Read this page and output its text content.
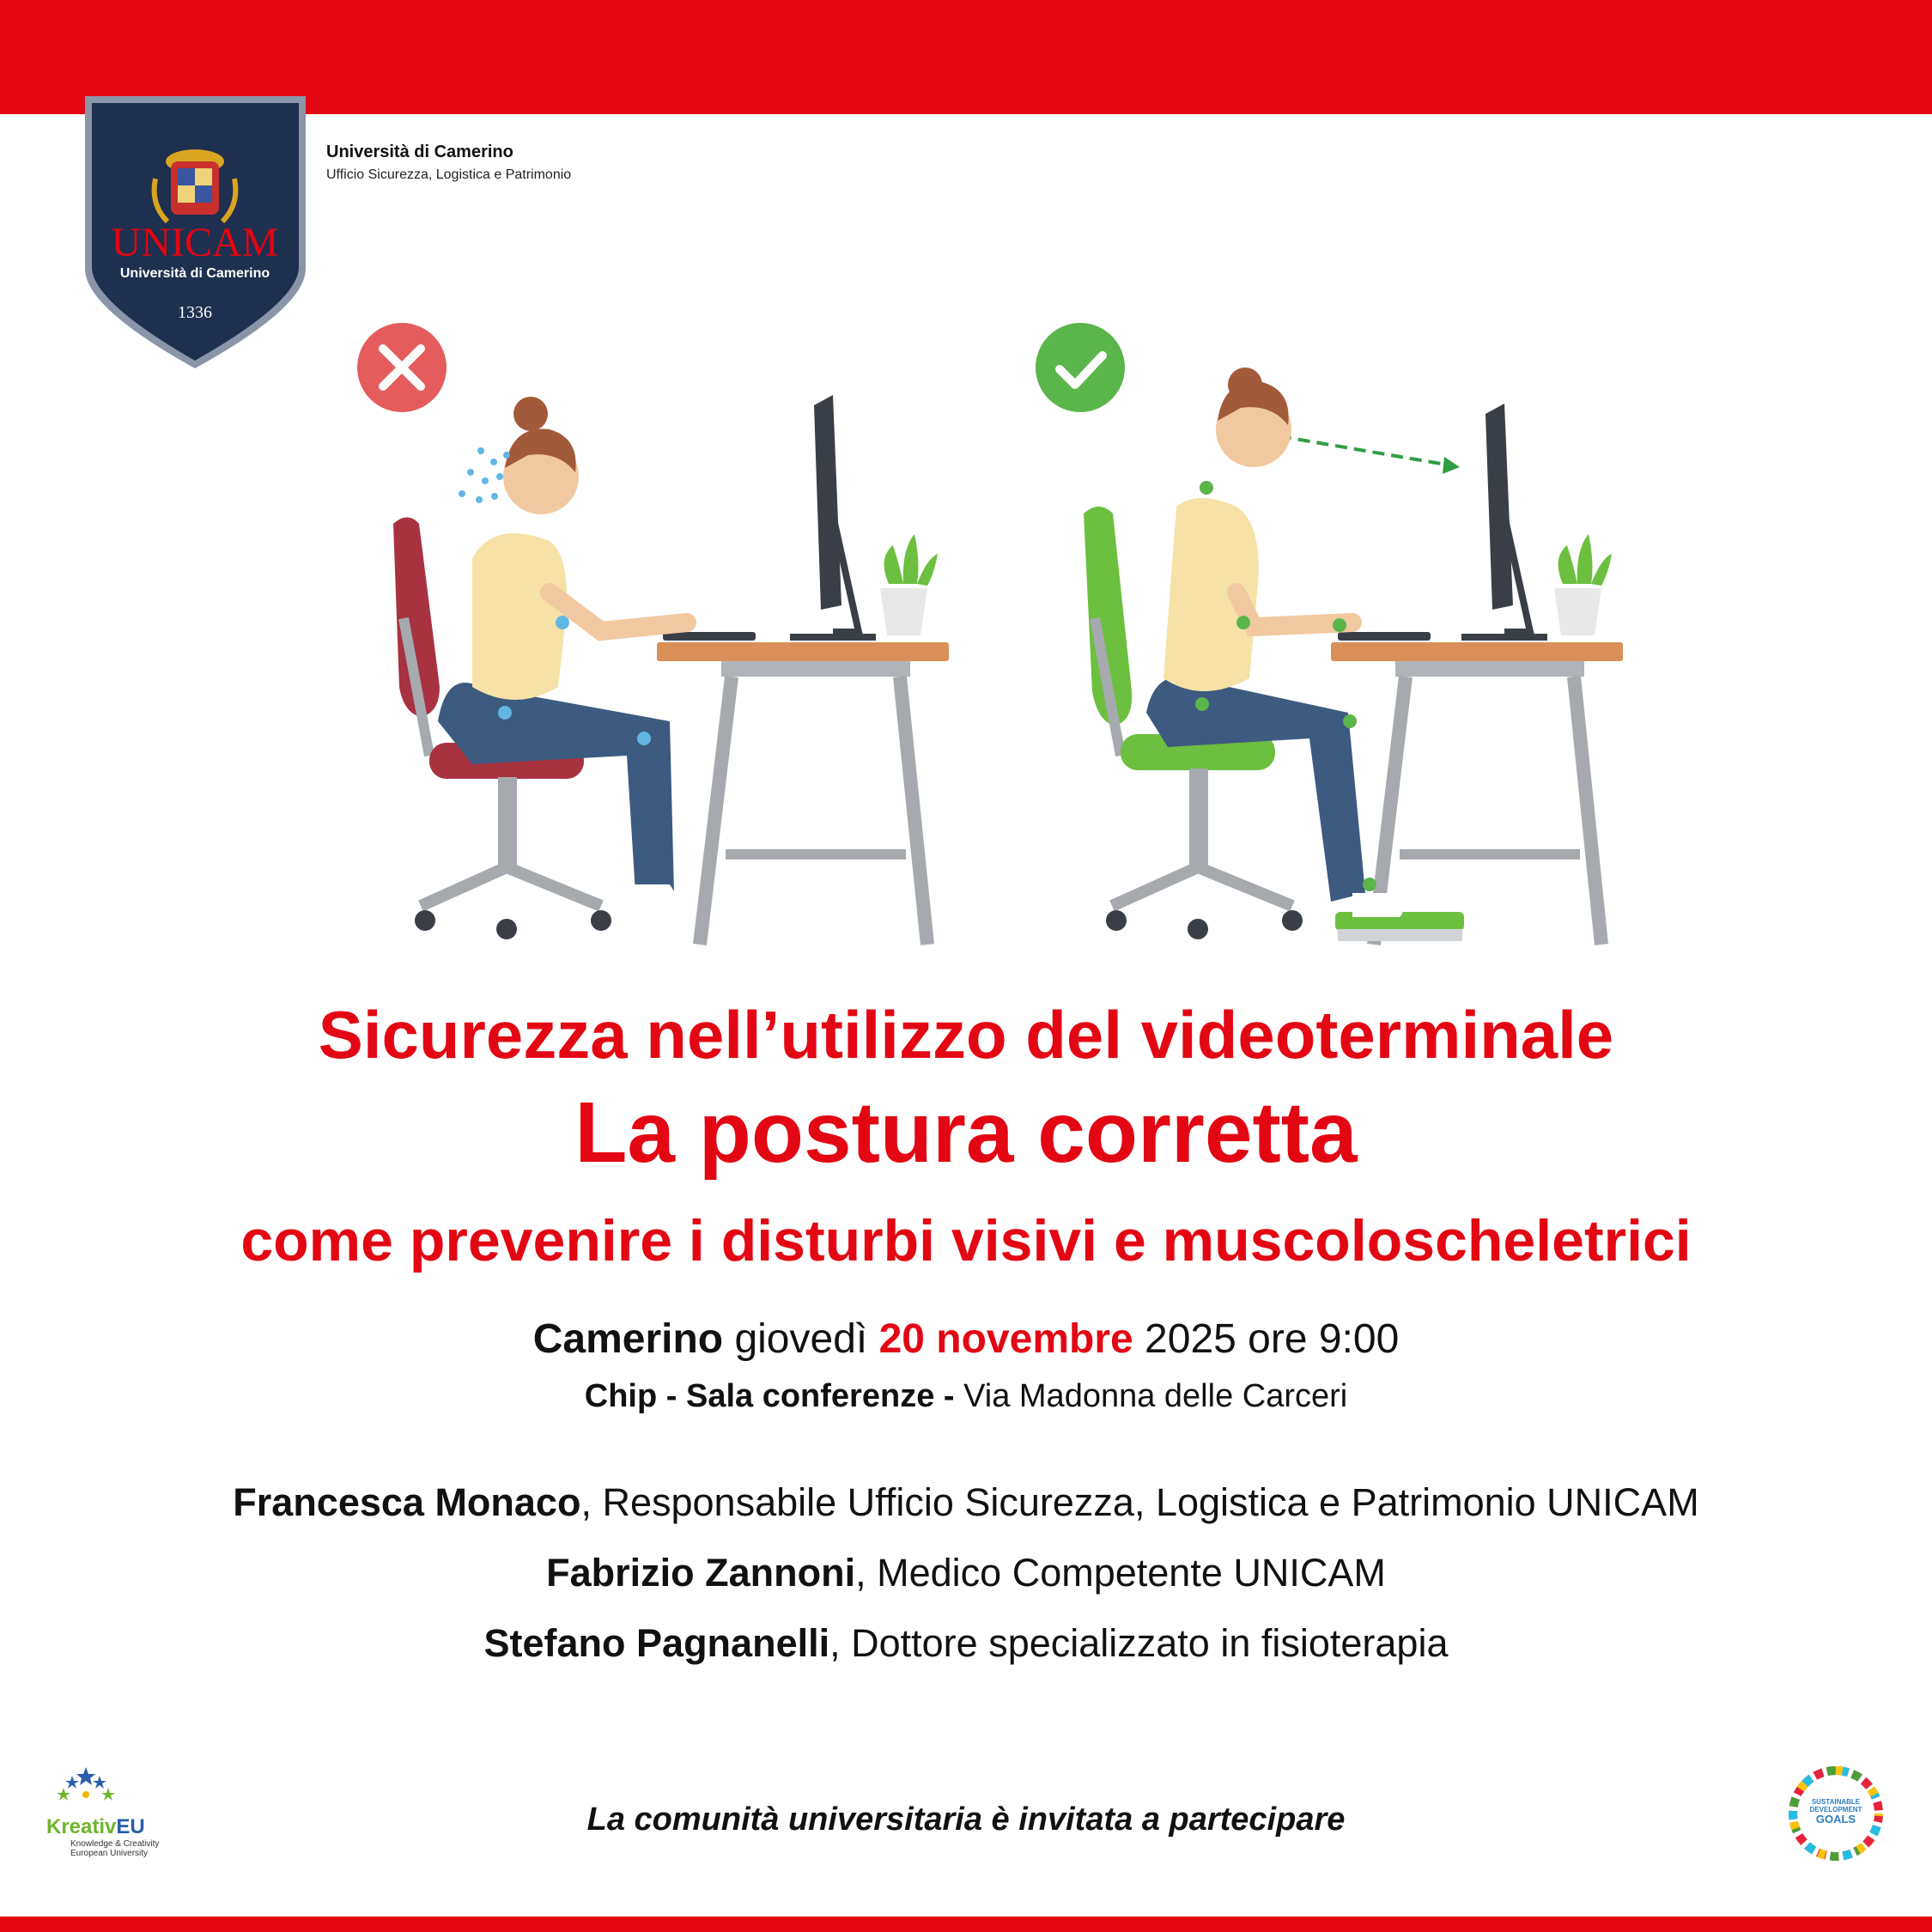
UNICAM
Università di Camerino
1336
Università di Camerino
Ufficio Sicurezza, Logistica e Patrimonio
Sicurezza nell’utilizzo del videoterminale
La postura corretta
come prevenire i disturbi visivi e muscoloscheletrici
Camerino giovedì 20 novembre 2025 ore 9:00
Chip - Sala conferenze - Via Madonna delle Carceri
Francesca Monaco, Responsabile Ufficio Sicurezza, Logistica e Patrimonio UNICAM
Fabrizio Zannoni, Medico Competente UNICAM
Stefano Pagnanelli, Dottore specializzato in fisioterapia
La comunità universitaria è invitata a partecipare
KreativEU
Knowledge & Creativity
European University
SUSTAINABLE
DEVELOPMENT
GOALS
